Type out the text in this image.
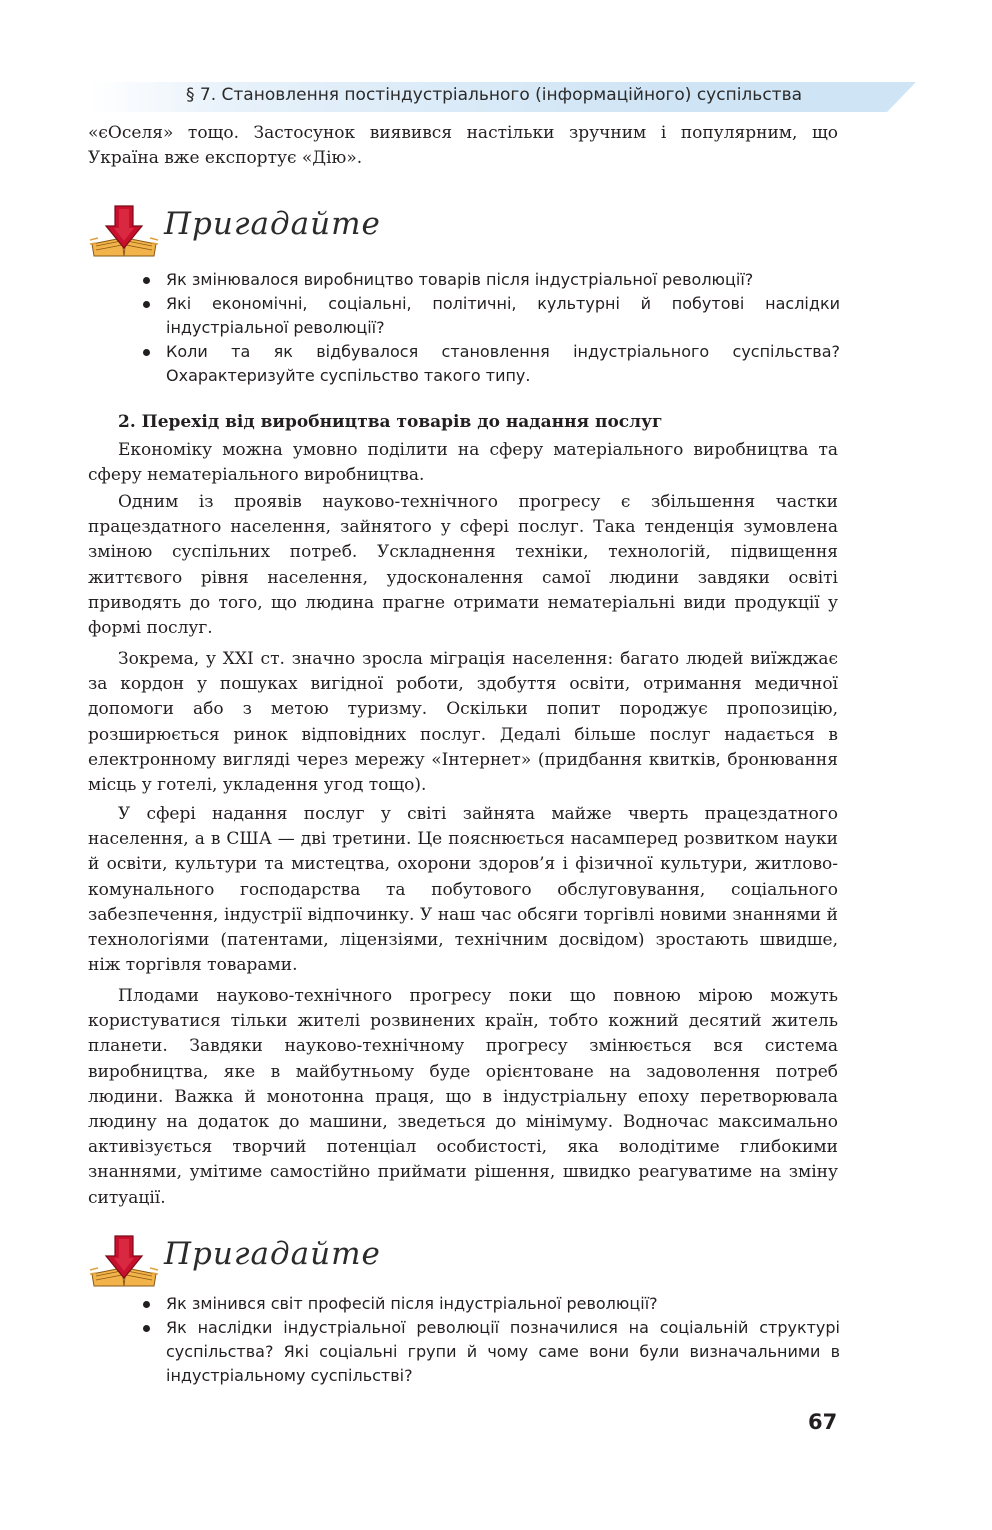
§ 7. Становлення постіндустріального (інформаційного) суспільства

«єОселя» тощо. Застосунок виявився настільки зручним і популярним, що Україна вже експортує «Дію».

Пригадайте
Як змінювалося виробництво товарів після індустріальної революції?
Які економічні, соціальні, політичні, культурні й побутові наслідки індустріальної революції?
Коли та як відбувалося становлення індустріального суспільства? Охарактеризуйте суспільство такого типу.
2. Перехід від виробництва товарів до надання послуг

Економіку можна умовно поділити на сферу матеріального виробництва та сферу нематеріального виробництва.

Одним із проявів науково-технічного прогресу є збільшення частки працездатного населення, зайнятого у сфері послуг. Така тенденція зумовлена зміною суспільних потреб. Ускладнення техніки, технологій, підвищення життєвого рівня населення, удосконалення самої людини завдяки освіті приводять до того, що людина прагне отримати нематеріальні види продукції у формі послуг.

Зокрема, у XXI ст. значно зросла міграція населення: багато людей виїжджає за кордон у пошуках вигідної роботи, здобуття освіти, отримання медичної допомоги або з метою туризму. Оскільки попит породжує пропозицію, розширюється ринок відповідних послуг. Дедалі більше послуг надається в електронному вигляді через мережу «Інтернет» (придбання квитків, бронювання місць у готелі, укладення угод тощо).

У сфері надання послуг у світі зайнята майже чверть працездатного населення, а в США — дві третини. Це пояснюється насамперед розвитком науки й освіти, культури та мистецтва, охорони здоров’я і фізичної культури, житлово-комунального господарства та побутового обслуговування, соціального забезпечення, індустрії відпочинку. У наш час обсяги торгівлі новими знаннями й технологіями (патентами, ліцензіями, технічним досвідом) зростають швидше, ніж торгівля товарами.

Плодами науково-технічного прогресу поки що повною мірою можуть користуватися тільки жителі розвинених країн, тобто кожний десятий житель планети. Завдяки науково-технічному прогресу змінюється вся система виробництва, яке в майбутньому буде орієнтоване на задоволення потреб людини. Важка й монотонна праця, що в індустріальну епоху перетворювала людину на додаток до машини, зведеться до мінімуму. Водночас максимально активізується творчий потенціал особистості, яка володітиме глибокими знаннями, умітиме самостійно приймати рішення, швидко реагуватиме на зміну ситуації.

Пригадайте
Як змінився світ професій після індустріальної революції?
Як наслідки індустріальної революції позначилися на соціальній структурі суспільства? Які соціальні групи й чому саме вони були визначальними в індустріальному суспільстві?
67
